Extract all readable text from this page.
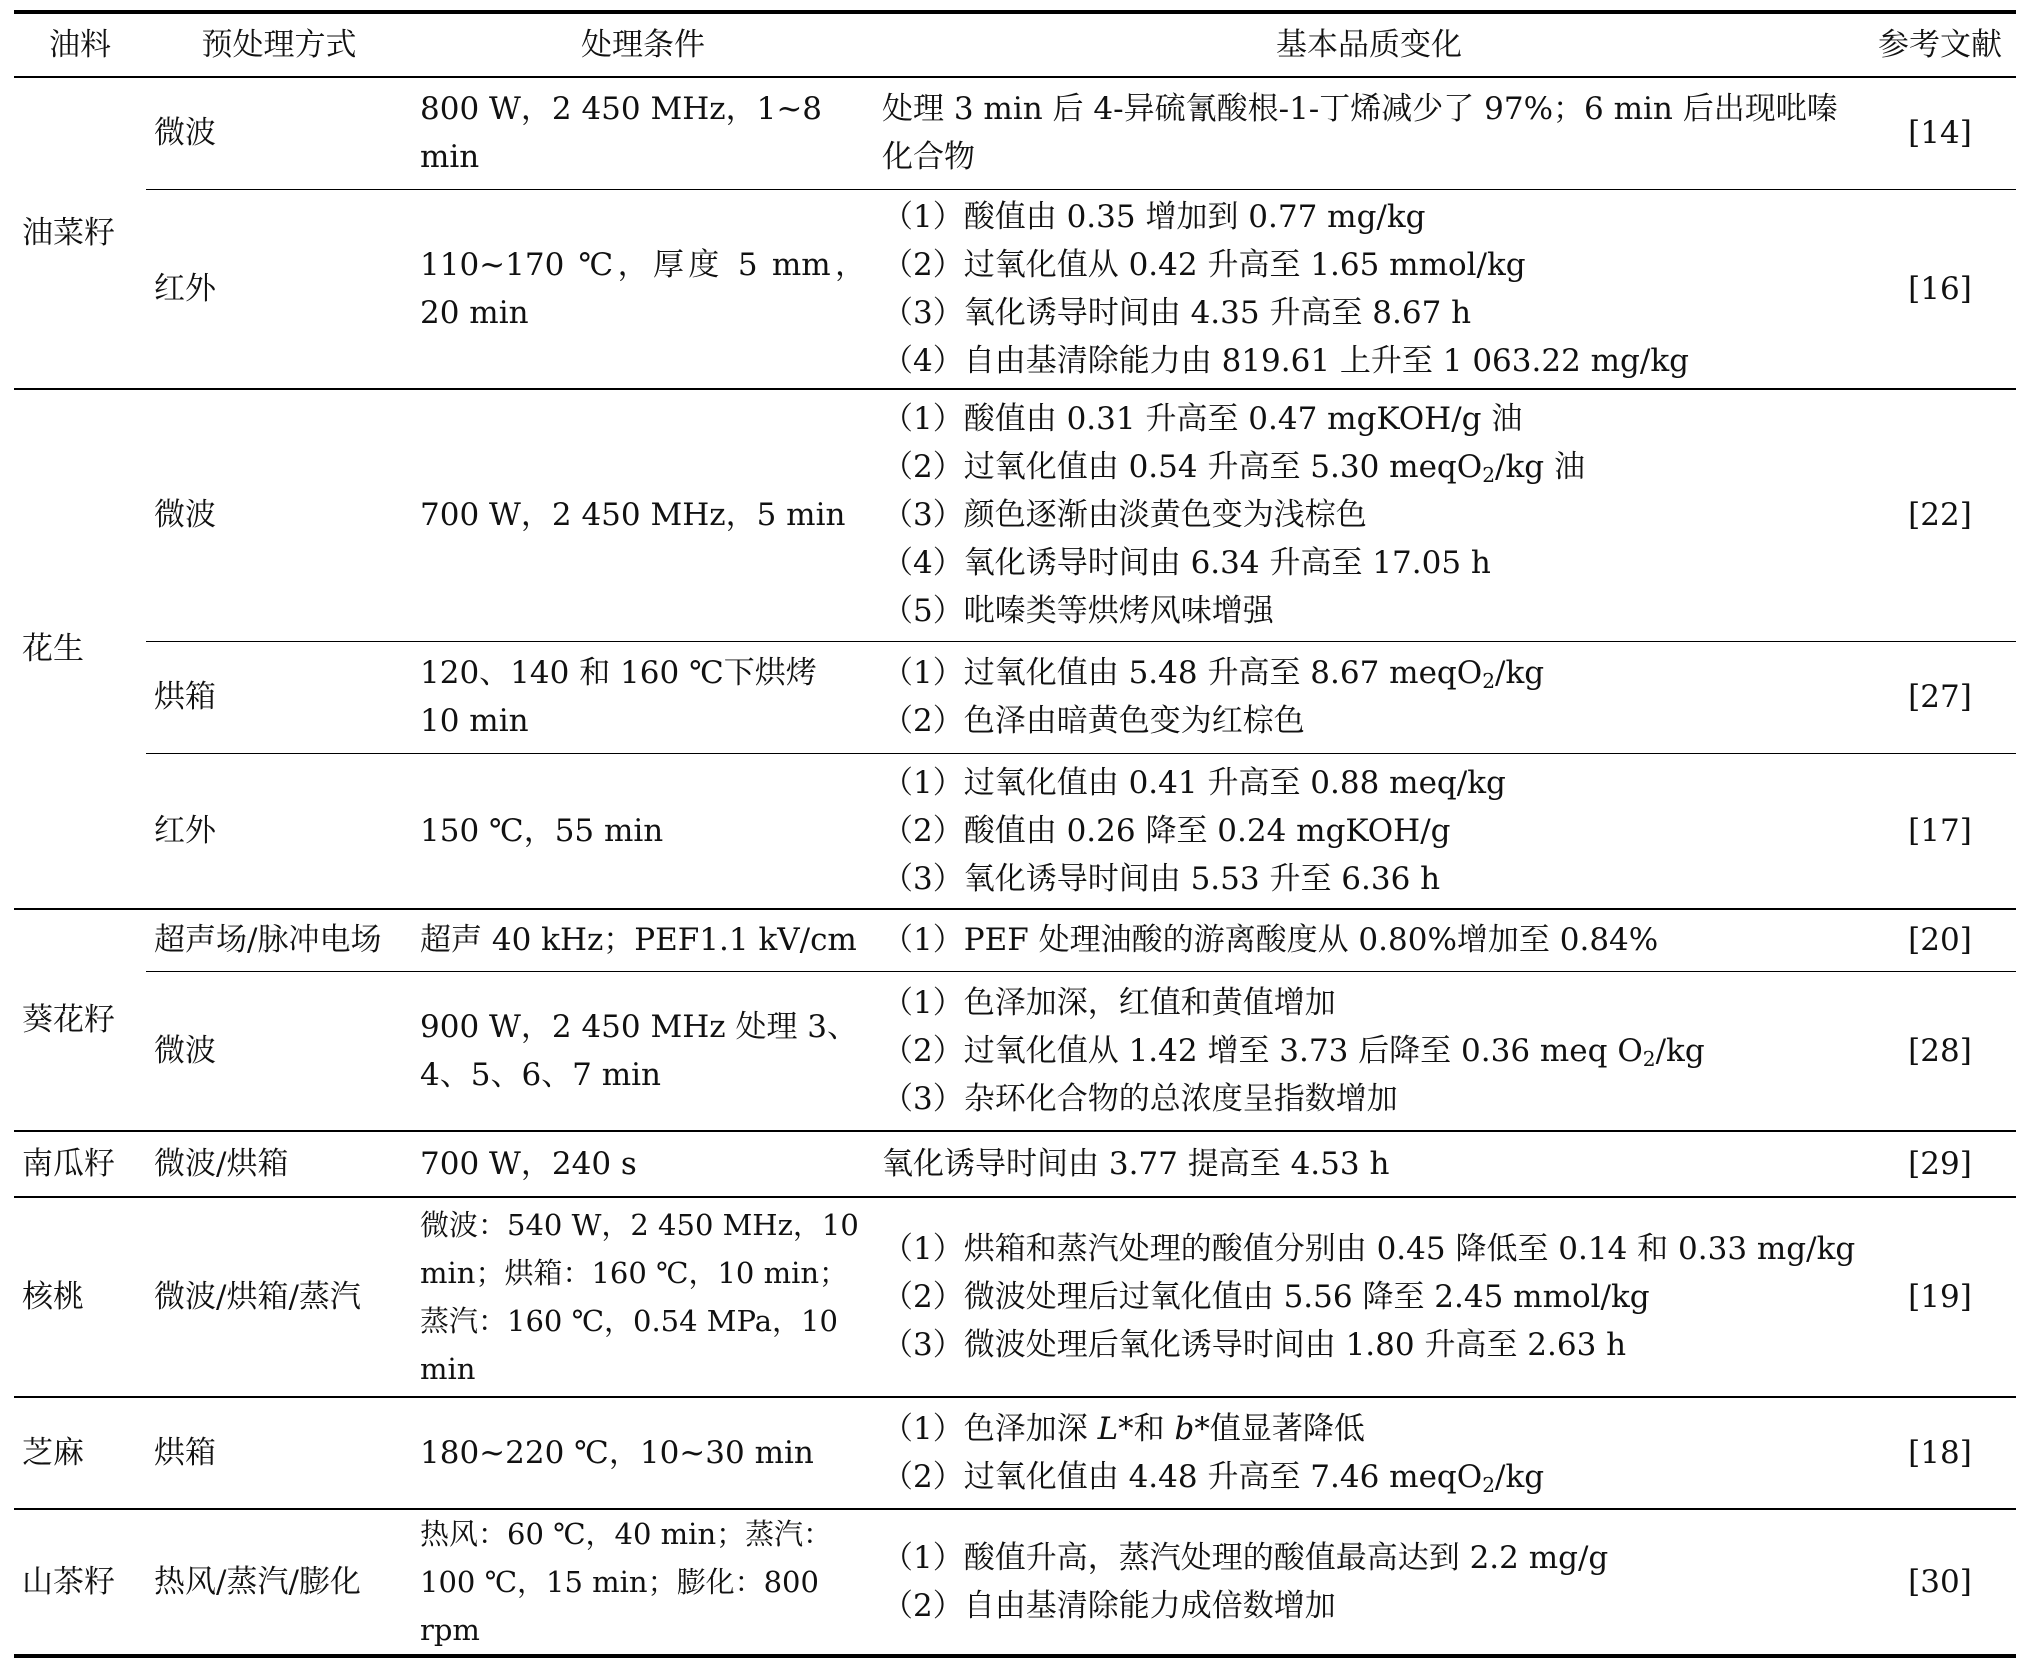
油料	预处理方式	处理条件	基本品质变化	参考文献
油菜籽	微波	800 W，2 450 MHz，1~8 min	处理 3 min 后 4-异硫氰酸根-1-丁烯减少了 97%；6 min 后出现吡嗪化合物	[14]
	红外	110~170 ℃，厚度 5 mm，20 min	（1）酸值由 0.35 增加到 0.77 mg/kg
（2）过氧化值从 0.42 升高至 1.65 mmol/kg
（3）氧化诱导时间由 4.35 升高至 8.67 h
（4）自由基清除能力由 819.61 上升至 1 063.22 mg/kg	[16]
花生	微波	700 W，2 450 MHz，5 min	（1）酸值由 0.31 升高至 0.47 mgKOH/g 油
（2）过氧化值由 0.54 升高至 5.30 meqO$_2$/kg 油
（3）颜色逐渐由淡黄色变为浅棕色
（4）氧化诱导时间由 6.34 升高至 17.05 h
（5）吡嗪类等烘烤风味增强	[22]
	烘箱	120、140 和 160 ℃下烘烤 10 min	（1）过氧化值由 5.48 升高至 8.67 meqO$_2$/kg
（2）色泽由暗黄色变为红棕色	[27]
	红外	150 ℃，55 min	（1）过氧化值由 0.41 升高至 0.88 meq/kg
（2）酸值由 0.26 降至 0.24 mgKOH/g
（3）氧化诱导时间由 5.53 升至 6.36 h	[17]
葵花籽	超声场/脉冲电场	超声 40 kHz；PEF1.1 kV/cm	（1）PEF 处理油酸的游离酸度从 0.80%增加至 0.84%	[20]
	微波	900 W，2 450 MHz 处理 3、4、5、6、7 min	（1）色泽加深，红值和黄值增加
（2）过氧化值从 1.42 增至 3.73 后降至 0.36 meq $O_2/kg$
（3）杂环化合物的总浓度呈指数增加	[28]
南瓜籽	微波/烘箱	700 W，240 s	氧化诱导时间由 3.77 提高至 4.53 h	[29]
核桃	微波/烘箱/蒸汽	微波：540 W，2 450 MHz，10 min；烘箱：160 ℃，10 min；蒸汽：160 ℃，0.54 MPa，10 min	（1）烘箱和蒸汽处理的酸值分别由 0.45 降低至 0.14 和 0.33 mg/kg
（2）微波处理后过氧化值由 5.56 降至 2.45 mmol/kg
（3）微波处理后氧化诱导时间由 1.80 升高至 2.63 h	[19]
芝麻	烘箱	180~220 ℃，10~30 min	（1）色泽加深 L*和 b*值显著降低
（2）过氧化值由 4.48 升高至 7.46 meqO$_2$/kg	[18]
山茶籽	热风/蒸汽/膨化	热风：60 ℃，40 min；蒸汽：100 ℃，15 min；膨化：800 rpm	（1）酸值升高，蒸汽处理的酸值最高达到 2.2 mg/g
（2）自由基清除能力成倍数增加	[30]
